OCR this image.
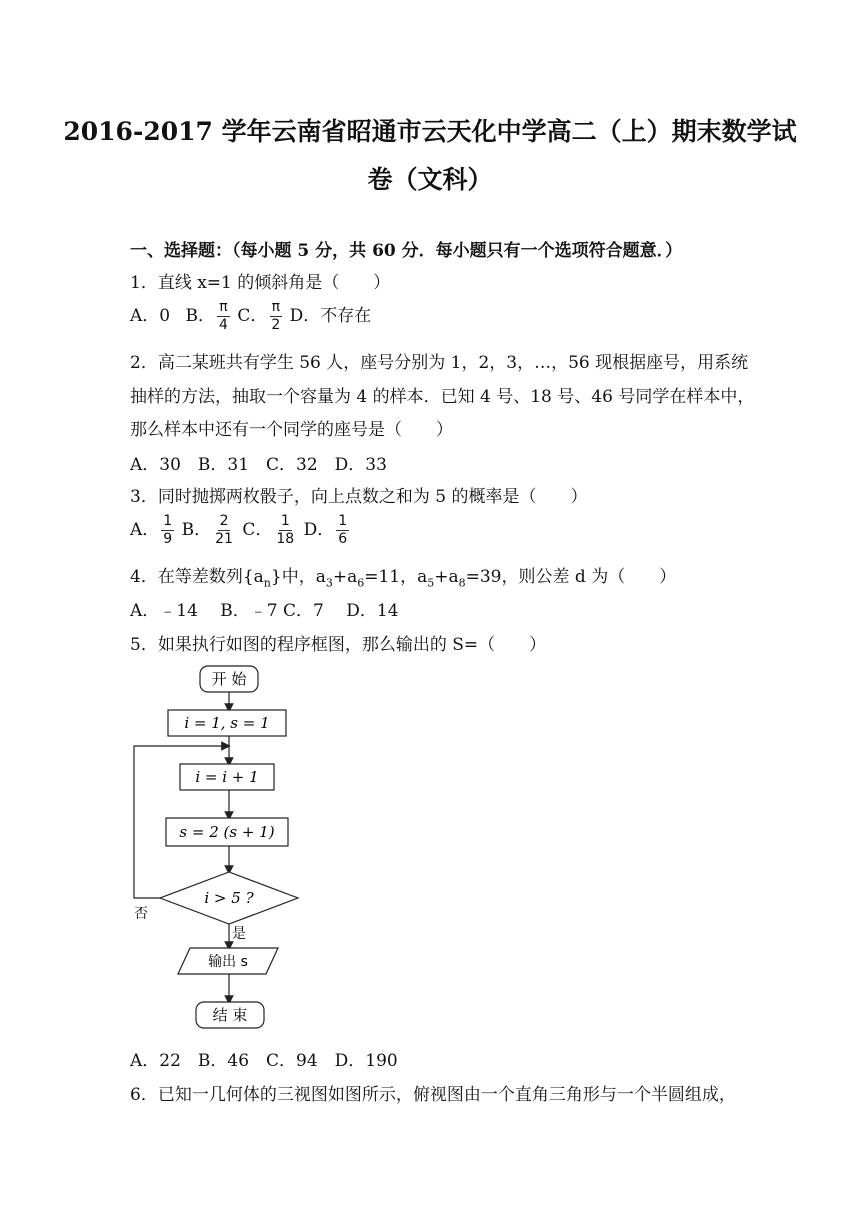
2016-2017 学年云南省昭通市云天化中学高二（上）期末数学试
卷（文科）
一、选择题：（每小题 5 分，共 60 分．每小题只有一个选项符合题意．）
1．直线 x=1 的倾斜角是（　　）
A．0 B． $\frac{\pi}{4}$ C． $\frac{\pi}{2}$ D．不存在
2．高二某班共有学生 56 人，座号分别为 1，2，3，…，56 现根据座号，用系统
抽样的方法，抽取一个容量为 4 的样本．已知 4 号、18 号、46 号同学在样本中，
那么样本中还有一个同学的座号是（　　）
A．30　B．31　C．32　D．33
3．同时抛掷两枚骰子，向上点数之和为 5 的概率是（　　）
A． $\frac{1}{9}$ B． $\frac{2}{21}$ C． $\frac{1}{18}$ D． $\frac{1}{6}$
4．在等差数列$\{a_n\}$中，$a_3+a_6=11$，$a_5+a_8=39$，则公差 d 为（　　）
A．﹣14　 B．﹣7 C．7　 D．14
5．如果执行如图的程序框图，那么输出的 S=（　　）
开 始
i = 1, s = 1
i = i + 1
s = 2 (s + 1)
i > 5 ?
否
是
输出 s
结 束
A．22　B．46　C．94　D．190
6．已知一几何体的三视图如图所示，俯视图由一个直角三角形与一个半圆组成，
